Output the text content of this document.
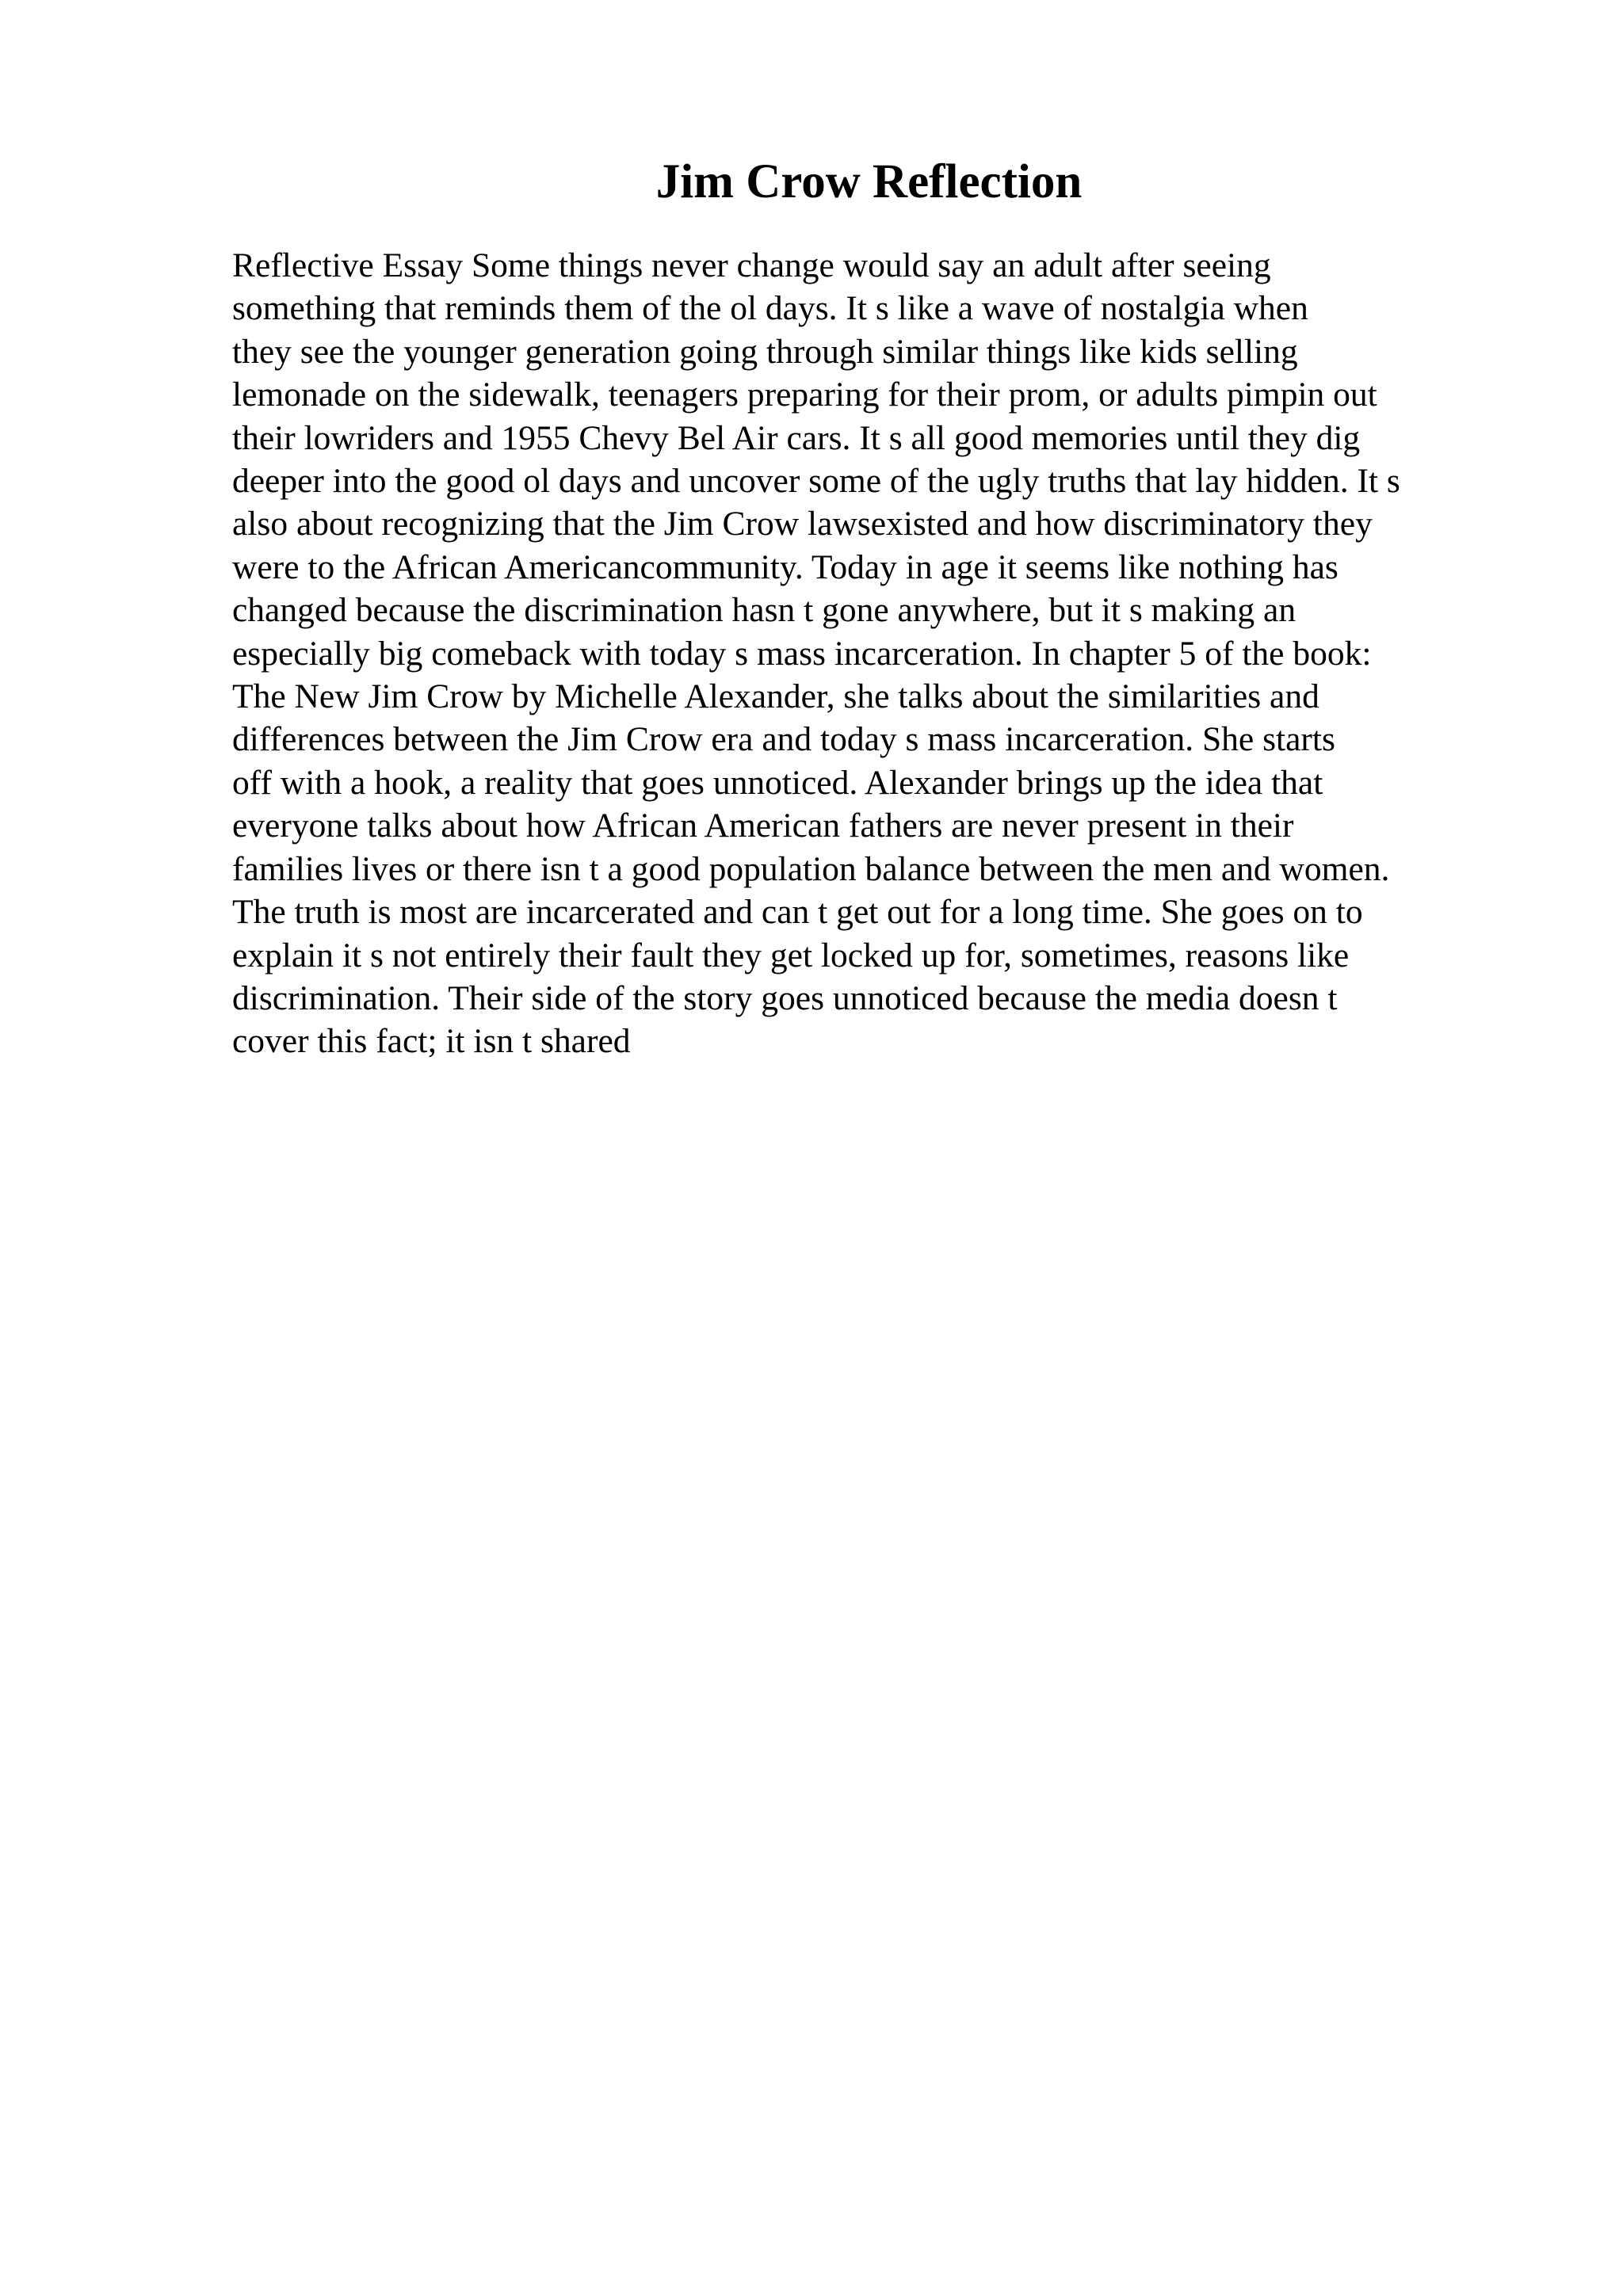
Jim Crow Reflection
Reflective Essay Some things never change would say an adult after seeing
something that reminds them of the ol days. It s like a wave of nostalgia when
they see the younger generation going through similar things like kids selling
lemonade on the sidewalk, teenagers preparing for their prom, or adults pimpin out
their lowriders and 1955 Chevy Bel Air cars. It s all good memories until they dig
deeper into the good ol days and uncover some of the ugly truths that lay hidden. It s
also about recognizing that the Jim Crow lawsexisted and how discriminatory they
were to the African Americancommunity. Today in age it seems like nothing has
changed because the discrimination hasn t gone anywhere, but it s making an
especially big comeback with today s mass incarceration. In chapter 5 of the book:
The New Jim Crow by Michelle Alexander, she talks about the similarities and
differences between the Jim Crow era and today s mass incarceration. She starts
off with a hook, a reality that goes unnoticed. Alexander brings up the idea that
everyone talks about how African American fathers are never present in their
families lives or there isn t a good population balance between the men and women.
The truth is most are incarcerated and can t get out for a long time. She goes on to
explain it s not entirely their fault they get locked up for, sometimes, reasons like
discrimination. Their side of the story goes unnoticed because the media doesn t
cover this fact; it isn t shared
